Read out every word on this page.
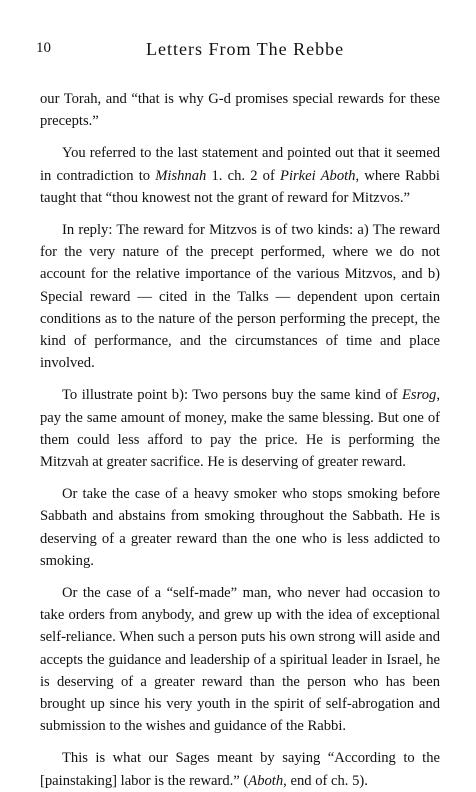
10	Letters From The Rebbe

our Torah, and “that is why G-d promises special rewards for these precepts.”

You referred to the last statement and pointed out that it seemed in contradiction to Mishnah 1. ch. 2 of Pirkei Aboth, where Rabbi taught that “thou knowest not the grant of reward for Mitzvos.”

In reply: The reward for Mitzvos is of two kinds: a) The reward for the very nature of the precept performed, where we do not account for the relative importance of the various Mitzvos, and b) Special reward — cited in the Talks — dependent upon certain conditions as to the nature of the person performing the precept, the kind of performance, and the circumstances of time and place involved.

To illustrate point b): Two persons buy the same kind of Esrog, pay the same amount of money, make the same blessing. But one of them could less afford to pay the price. He is performing the Mitzvah at greater sacrifice. He is deserving of greater reward.

Or take the case of a heavy smoker who stops smoking before Sabbath and abstains from smoking throughout the Sabbath. He is deserving of a greater reward than the one who is less addicted to smoking.

Or the case of a “self-made” man, who never had occasion to take orders from anybody, and grew up with the idea of exceptional self-reliance. When such a person puts his own strong will aside and accepts the guidance and leadership of a spiritual leader in Israel, he is deserving of a greater reward than the person who has been brought up since his very youth in the spirit of self-abrogation and submission to the wishes and guidance of the Rabbi.

This is what our Sages meant by saying “According to the [painstaking] labor is the reward.” (Aboth, end of ch. 5).
